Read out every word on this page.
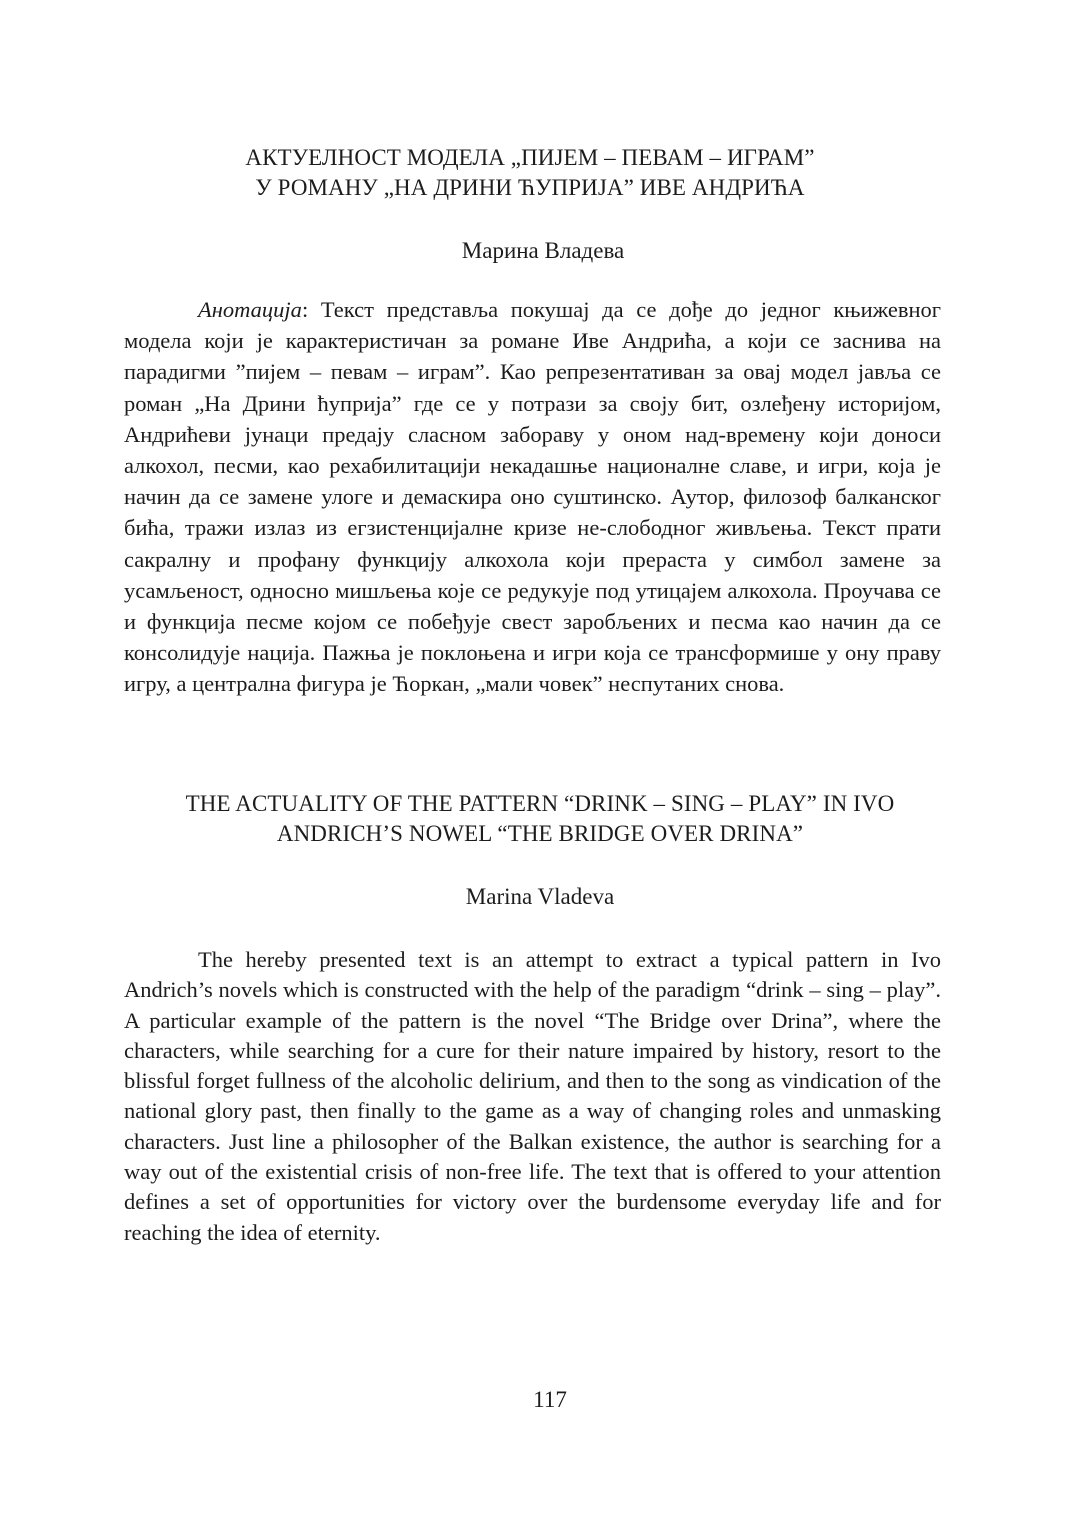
АКТУЕЛНОСТ МОДЕЛА „ПИЈЕМ – ПЕВАМ – ИГРАМ”
У РОМАНУ „НА ДРИНИ ЋУПРИЈА” ИВЕ АНДРИЋА
Марина Владева

Анотација: Текст представља покушај да се дође до једног књижевног модела који је карактеристичан за романе Иве Андрића, а који се заснива на парадигми ”пијем – певам – играм”. Као репрезентативан за овај модел јавља се роман „На Дрини ћуприја” где се у потрази за своју бит, озлеђену историјом, Андрићеви јунаци предају сласном забораву у оном над-времену који доноси алкохол, песми, као рехабилитацији некадашње националне славе, и игри, која је начин да се замене улоге и демаскира оно суштинско. Аутор, филозоф балканског бића, тражи излаз из егзистенцијалне кризе не-слободног живљења. Текст прати сакралну и профану функцију алкохола који прераста у симбол замене за усамљеност, односно мишљења које се редукује под утицајем алкохола. Проучава се и функција песме којом се побеђује свест заробљених и песма као начин да се консолидује нација. Пажња је поклоњена и игри која се трансформише у ону праву игру, а централна фигура је Ћоркан, „мали човек” неспутаних снова.

THE ACTUALITY OF THE PATTERN “DRINK – SING – PLAY” IN IVO
ANDRICH’S NOWEL “THE BRIDGE OVER DRINA”
Marina Vladeva

The hereby presented text is an attempt to extract a typical pattern in Ivo Andrich’s novels which is constructed with the help of the paradigm “drink – sing – play”. A particular example of the pattern is the novel “The Bridge over Drina”, where the characters, while searching for a cure for their nature impaired by history, resort to the blissful forget fullness of the alcoholic delirium, and then to the song as vindication of the national glory past, then finally to the game as a way of changing roles and unmasking characters. Just line a philosopher of the Balkan existence, the author is searching for a way out of the existential crisis of non-free life. The text that is offered to your attention defines a set of opportunities for victory over the burdensome everyday life and for reaching the idea of eternity.

117
